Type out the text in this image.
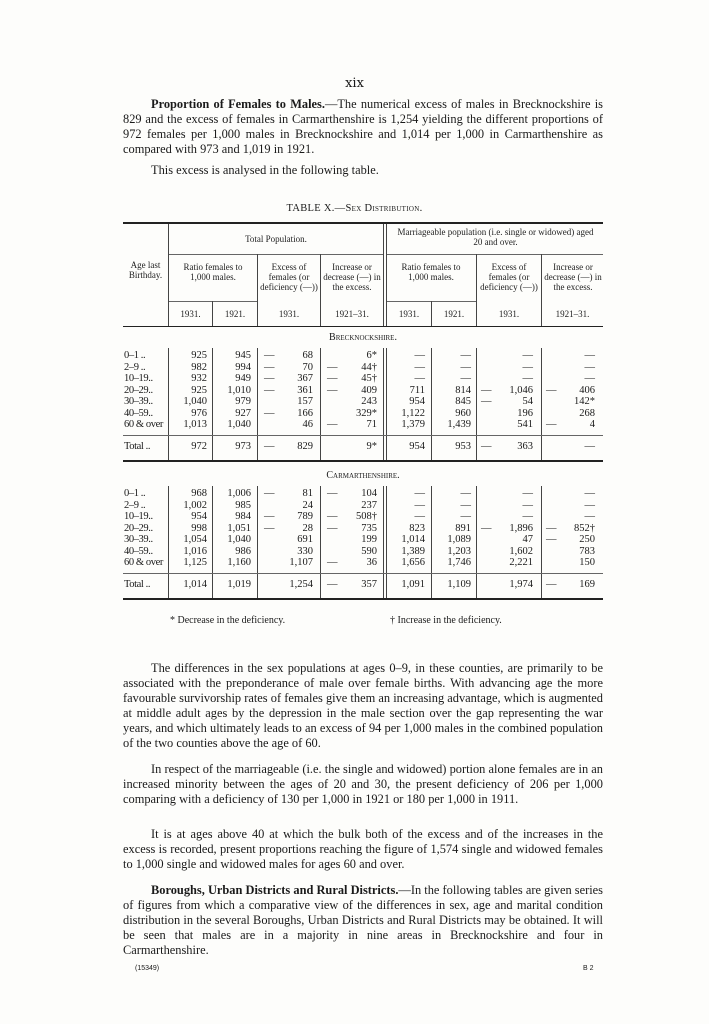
xix
Proportion of Females to Males.—The numerical excess of males in Brecknockshire is 829 and the excess of females in Carmarthenshire is 1,254 yielding the different proportions of 972 females per 1,000 males in Brecknockshire and 1,014 per 1,000 in Carmarthenshire as compared with 973 and 1,019 in 1921.
This excess is analysed in the following table.
TABLE X.—Sex Distribution.
Age last Birthday.
Total Population.
Marriageable population (i.e. single or widowed) aged 20 and over.
Ratio females to 1,000 males.
Excess of females (or deficiency (—))
Increase or decrease (—) in the excess.
Ratio females to 1,000 males.
Excess of females (or deficiency (—))
Increase or decrease (—) in the excess.
1931.	1921.	1931.	1921–31.	1931.	1921.	1931.	1921–31.
Brecknockshire.
0–1 ..	925	945 —	68	6*	—	—	—	—
2–9 ..	982	994 —	70 —	44†	—	—	—	—
10–19..	932	949 —	367 —	45†	—	—	—	—
20–29..	925	1,010 —	361 —	409	711	814 —	1,046 —	406
30–39..	1,040	979	157	243	954	845 —	54	142*
40–59..	976	927 —	166	329*	1,122	960	196	268
60 & over	1,013	1,040	46 —	71	1,379	1,439	541 —	4
Total ..	972	973 —	829	9*	954	953 —	363	—
Carmarthenshire.
0–1 ..	968	1,006 —	81 —	104	—	—	—	—
2–9 ..	1,002	985	24	237	—	—	—	—
10–19..	954	984 —	789 —	508†	—	—	—	—
20–29..	998	1,051 —	28 —	735	823	891 —	1,896 —	852†
30–39..	1,054	1,040	691	199	1,014	1,089	47 —	250
40–59..	1,016	986	330	590	1,389	1,203	1,602	783
60 & over	1,125	1,160	1,107 —	36	1,656	1,746	2,221	150
Total ..	1,014	1,019	1,254 —	357	1,091	1,109	1,974 —	169
* Decrease in the deficiency.	† Increase in the deficiency.
The differences in the sex populations at ages 0–9, in these counties, are primarily to be associated with the preponderance of male over female births. With advancing age the more favourable survivorship rates of females give them an increasing advantage, which is augmented at middle adult ages by the depression in the male section over the gap representing the war years, and which ultimately leads to an excess of 94 per 1,000 males in the combined population of the two counties above the age of 60.
In respect of the marriageable (i.e. the single and widowed) portion alone females are in an increased minority between the ages of 20 and 30, the present deficiency of 206 per 1,000 comparing with a deficiency of 130 per 1,000 in 1921 or 180 per 1,000 in 1911.
It is at ages above 40 at which the bulk both of the excess and of the increases in the excess is recorded, present proportions reaching the figure of 1,574 single and widowed females to 1,000 single and widowed males for ages 60 and over.
Boroughs, Urban Districts and Rural Districts.—In the following tables are given series of figures from which a comparative view of the differences in sex, age and marital condition distribution in the several Boroughs, Urban Districts and Rural Districts may be obtained. It will be seen that males are in a majority in nine areas in Brecknockshire and four in Carmarthenshire.
(15349)	B 2
